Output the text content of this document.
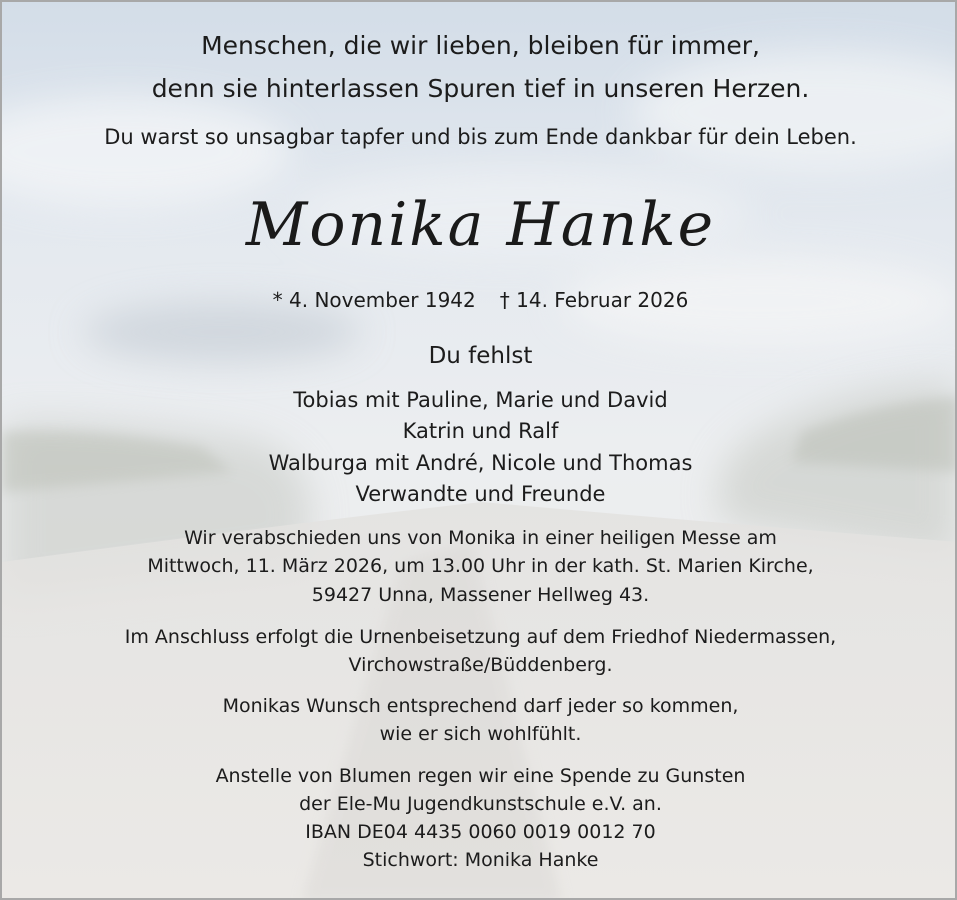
Menschen, die wir lieben, bleiben für immer,
denn sie hinterlassen Spuren tief in unseren Herzen.
Du warst so unsagbar tapfer und bis zum Ende dankbar für dein Leben.
Monika Hanke
* 4. November 1942 † 14. Februar 2026
Du fehlst
Tobias mit Pauline, Marie und David
Katrin und Ralf
Walburga mit André, Nicole und Thomas
Verwandte und Freunde
Wir verabschieden uns von Monika in einer heiligen Messe am
Mittwoch, 11. März 2026, um 13.00 Uhr in der kath. St. Marien Kirche,
59427 Unna, Massener Hellweg 43.
Im Anschluss erfolgt die Urnenbeisetzung auf dem Friedhof Niedermassen,
Virchowstraße/Büddenberg.
Monikas Wunsch entsprechend darf jeder so kommen,
wie er sich wohlfühlt.
Anstelle von Blumen regen wir eine Spende zu Gunsten
der Ele-Mu Jugendkunstschule e.V. an.
IBAN DE04 4435 0060 0019 0012 70
Stichwort: Monika Hanke
